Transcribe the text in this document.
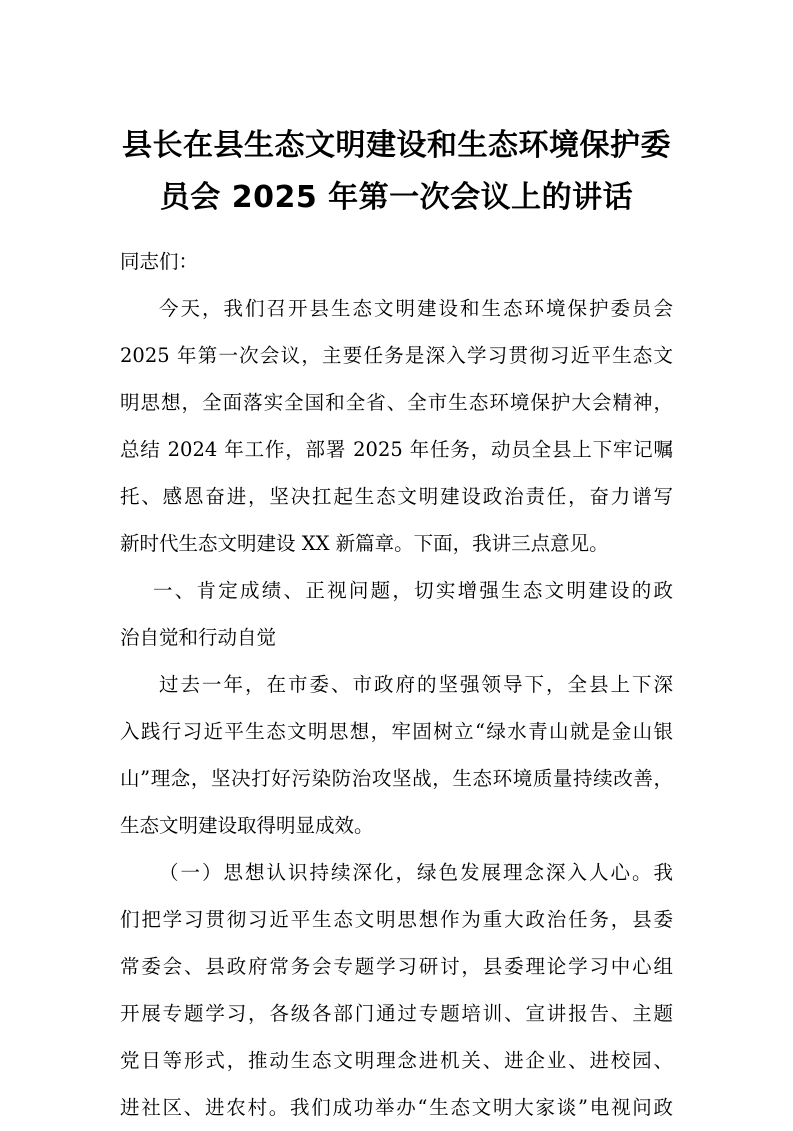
县长在县生态文明建设和生态环境保护委
员会 2025 年第一次会议上的讲话
同志们：
今天，我们召开县生态文明建设和生态环境保护委员会
2025 年第一次会议，主要任务是深入学习贯彻习近平生态文
明思想，全面落实全国和全省、全市生态环境保护大会精神，
总结 2024 年工作，部署 2025 年任务，动员全县上下牢记嘱
托、感恩奋进，坚决扛起生态文明建设政治责任，奋力谱写
新时代生态文明建设 XX 新篇章。下面，我讲三点意见。
一、肯定成绩、正视问题，切实增强生态文明建设的政
治自觉和行动自觉
过去一年，在市委、市政府的坚强领导下，全县上下深
入践行习近平生态文明思想，牢固树立“绿水青山就是金山银
山”理念，坚决打好污染防治攻坚战，生态环境质量持续改善，
生态文明建设取得明显成效。
（一）思想认识持续深化，绿色发展理念深入人心。我
们把学习贯彻习近平生态文明思想作为重大政治任务，县委
常委会、县政府常务会专题学习研讨，县委理论学习中心组
开展专题学习，各级各部门通过专题培训、宣讲报告、主题
党日等形式，推动生态文明理念进机关、进企业、进校园、
进社区、进农村。我们成功举办“生态文明大家谈”电视问政
